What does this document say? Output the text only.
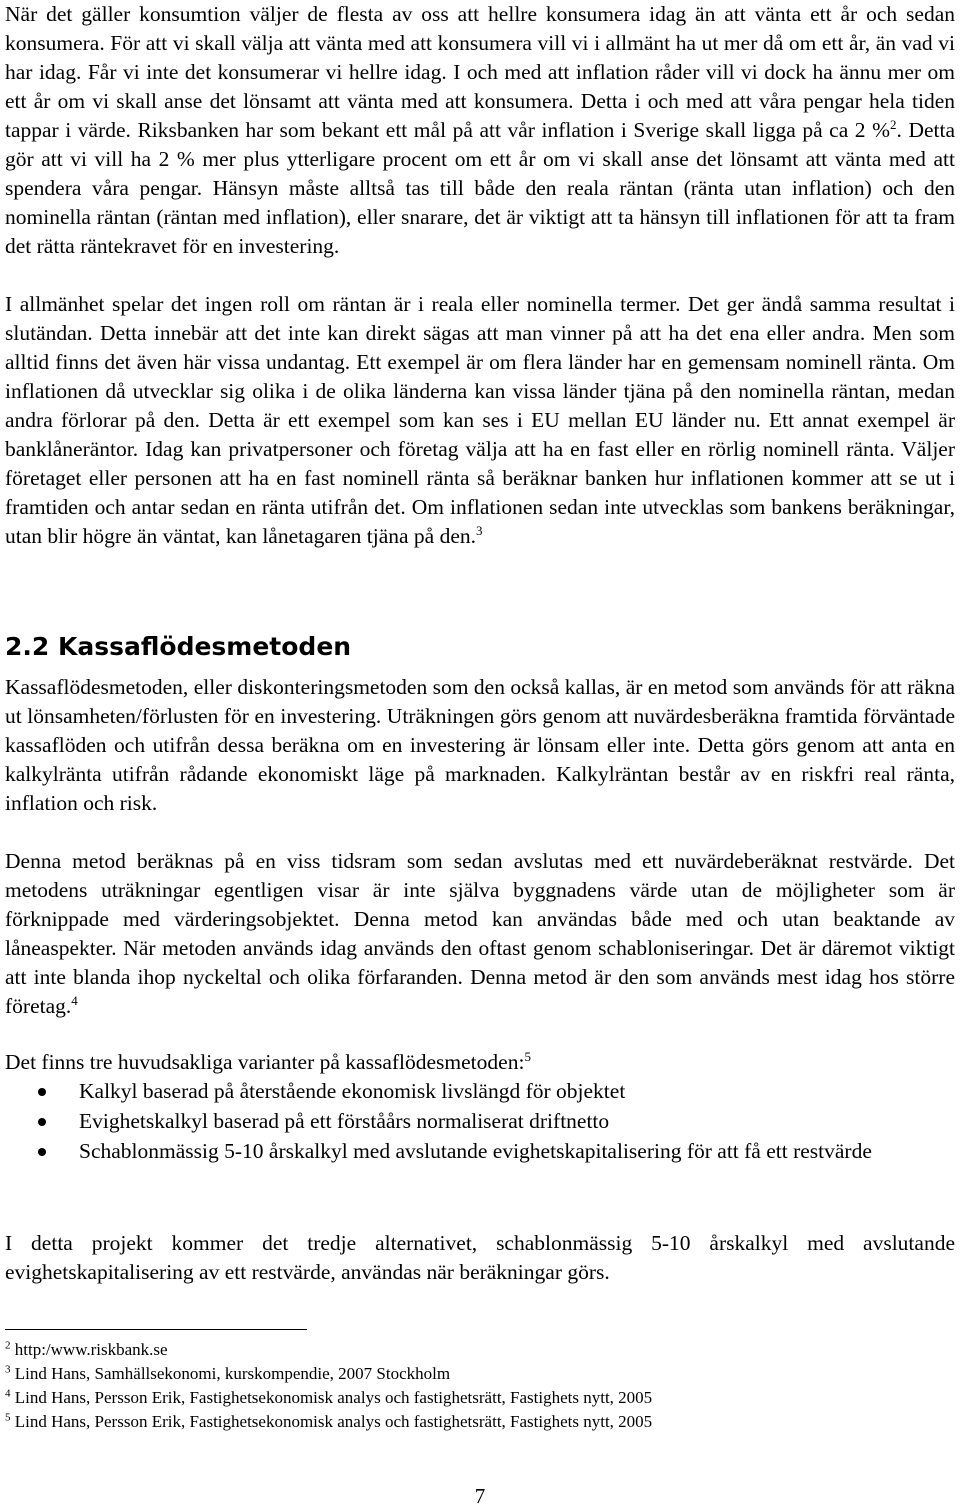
När det gäller konsumtion väljer de flesta av oss att hellre konsumera idag än att vänta ett år och sedan konsumera. För att vi skall välja att vänta med att konsumera vill vi i allmänt ha ut mer då om ett år, än vad vi har idag. Får vi inte det konsumerar vi hellre idag. I och med att inflation råder vill vi dock ha ännu mer om ett år om vi skall anse det lönsamt att vänta med att konsumera. Detta i och med att våra pengar hela tiden tappar i värde. Riksbanken har som bekant ett mål på att vår inflation i Sverige skall ligga på ca 2 %$^2$. Detta gör att vi vill ha 2 % mer plus ytterligare procent om ett år om vi skall anse det lönsamt att vänta med att spendera våra pengar. Hänsyn måste alltså tas till både den reala räntan (ränta utan inflation) och den nominella räntan (räntan med inflation), eller snarare, det är viktigt att ta hänsyn till inflationen för att ta fram det rätta räntekravet för en investering.

I allmänhet spelar det ingen roll om räntan är i reala eller nominella termer. Det ger ändå samma resultat i slutändan. Detta innebär att det inte kan direkt sägas att man vinner på att ha det ena eller andra. Men som alltid finns det även här vissa undantag. Ett exempel är om flera länder har en gemensam nominell ränta. Om inflationen då utvecklar sig olika i de olika länderna kan vissa länder tjäna på den nominella räntan, medan andra förlorar på den. Detta är ett exempel som kan ses i EU mellan EU länder nu. Ett annat exempel är banklåneräntor. Idag kan privatpersoner och företag välja att ha en fast eller en rörlig nominell ränta. Väljer företaget eller personen att ha en fast nominell ränta så beräknar banken hur inflationen kommer att se ut i framtiden och antar sedan en ränta utifrån det. Om inflationen sedan inte utvecklas som bankens beräkningar, utan blir högre än väntat, kan lånetagaren tjäna på den.$^3$

2.2 Kassaflödesmetoden

Kassaflödesmetoden, eller diskonteringsmetoden som den också kallas, är en metod som används för att räkna ut lönsamheten/förlusten för en investering. Uträkningen görs genom att nuvärdesberäkna framtida förväntade kassaflöden och utifrån dessa beräkna om en investering är lönsam eller inte. Detta görs genom att anta en kalkylränta utifrån rådande ekonomiskt läge på marknaden. Kalkylräntan består av en riskfri real ränta, inflation och risk.

Denna metod beräknas på en viss tidsram som sedan avslutas med ett nuvärdeberäknat restvärde. Det metodens uträkningar egentligen visar är inte själva byggnadens värde utan de möjligheter som är förknippade med värderingsobjektet. Denna metod kan användas både med och utan beaktande av låneaspekter. När metoden används idag används den oftast genom schabloniseringar. Det är däremot viktigt att inte blanda ihop nyckeltal och olika förfaranden. Denna metod är den som används mest idag hos större företag.$^4$

Det finns tre huvudsakliga varianter på kassaflödesmetoden:$^5$

Kalkyl baserad på återstående ekonomisk livslängd för objektet
Evighetskalkyl baserad på ett förståårs normaliserat driftnetto
Schablonmässig 5-10 årskalkyl med avslutande evighetskapitalisering för att få ett restvärde

I detta projekt kommer det tredje alternativet, schablonmässig 5-10 årskalkyl med avslutande evighetskapitalisering av ett restvärde, användas när beräkningar görs.

$^2$ http:/www.riskbank.se
$^3$ Lind Hans, Samhällsekonomi, kurskompendie, 2007 Stockholm
$^4$ Lind Hans, Persson Erik, Fastighetsekonomisk analys och fastighetsrätt, Fastighets nytt, 2005
$^5$ Lind Hans, Persson Erik, Fastighetsekonomisk analys och fastighetsrätt, Fastighets nytt, 2005
7
